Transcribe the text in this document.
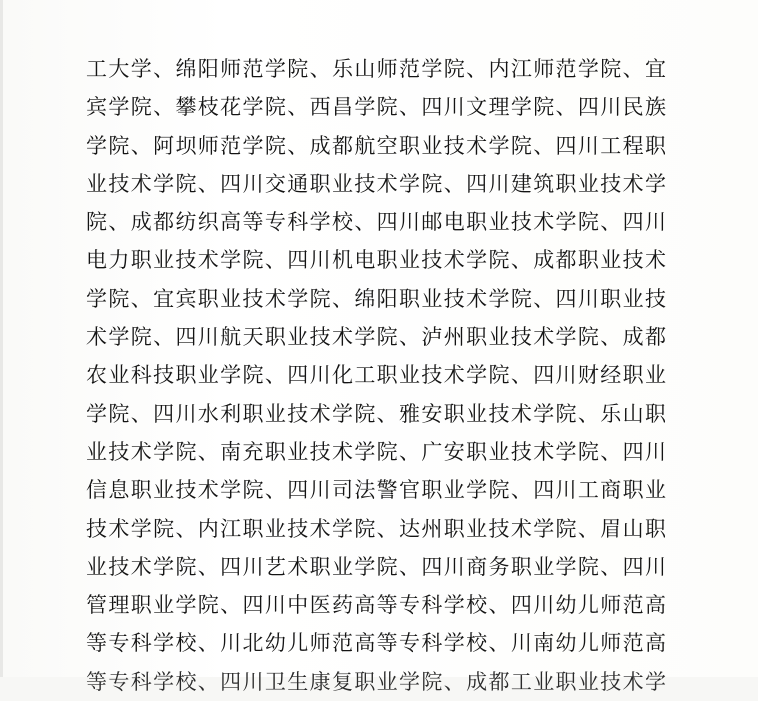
工大学、绵阳师范学院、乐山师范学院、内江师范学院、宜
宾学院、攀枝花学院、西昌学院、四川文理学院、四川民族
学院、阿坝师范学院、成都航空职业技术学院、四川工程职
业技术学院、四川交通职业技术学院、四川建筑职业技术学
院、成都纺织高等专科学校、四川邮电职业技术学院、四川
电力职业技术学院、四川机电职业技术学院、成都职业技术
学院、宜宾职业技术学院、绵阳职业技术学院、四川职业技
术学院、四川航天职业技术学院、泸州职业技术学院、成都
农业科技职业学院、四川化工职业技术学院、四川财经职业
学院、四川水利职业技术学院、雅安职业技术学院、乐山职
业技术学院、南充职业技术学院、广安职业技术学院、四川
信息职业技术学院、四川司法警官职业学院、四川工商职业
技术学院、内江职业技术学院、达州职业技术学院、眉山职
业技术学院、四川艺术职业学院、四川商务职业学院、四川
管理职业学院、四川中医药高等专科学校、四川幼儿师范高
等专科学校、川北幼儿师范高等专科学校、川南幼儿师范高
等专科学校、四川卫生康复职业学院、成都工业职业技术学
